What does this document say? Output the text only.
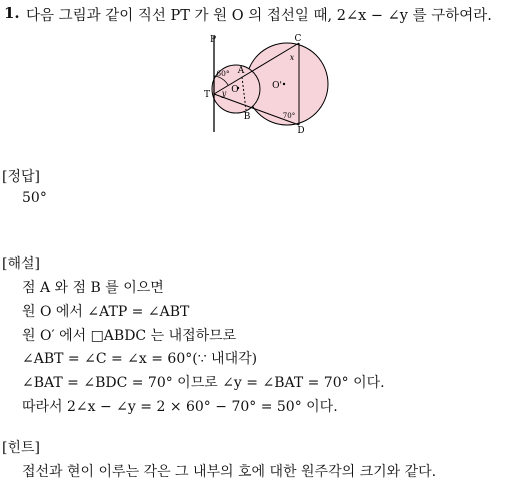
1. 다음 그림과 같이 직선 PT 가 원 O 의 접선일 때, 2∠x − ∠y 를 구하여라.
P
T
A
B
C
D
O	O'
60°
70°
x
y
[정답]
50°
[해설]
점 A 와 점 B 를 이으면
원 O 에서 ∠ATP = ∠ABT
원 O′ 에서 □ABDC 는 내접하므로
∠ABT = ∠C = ∠x = 60°(∵ 내대각)
∠BAT = ∠BDC = 70° 이므로 ∠y = ∠BAT = 70° 이다.
따라서 2∠x − ∠y = 2 × 60° − 70° = 50° 이다.
[힌트]
접선과 현이 이루는 각은 그 내부의 호에 대한 원주각의 크기와 같다.
